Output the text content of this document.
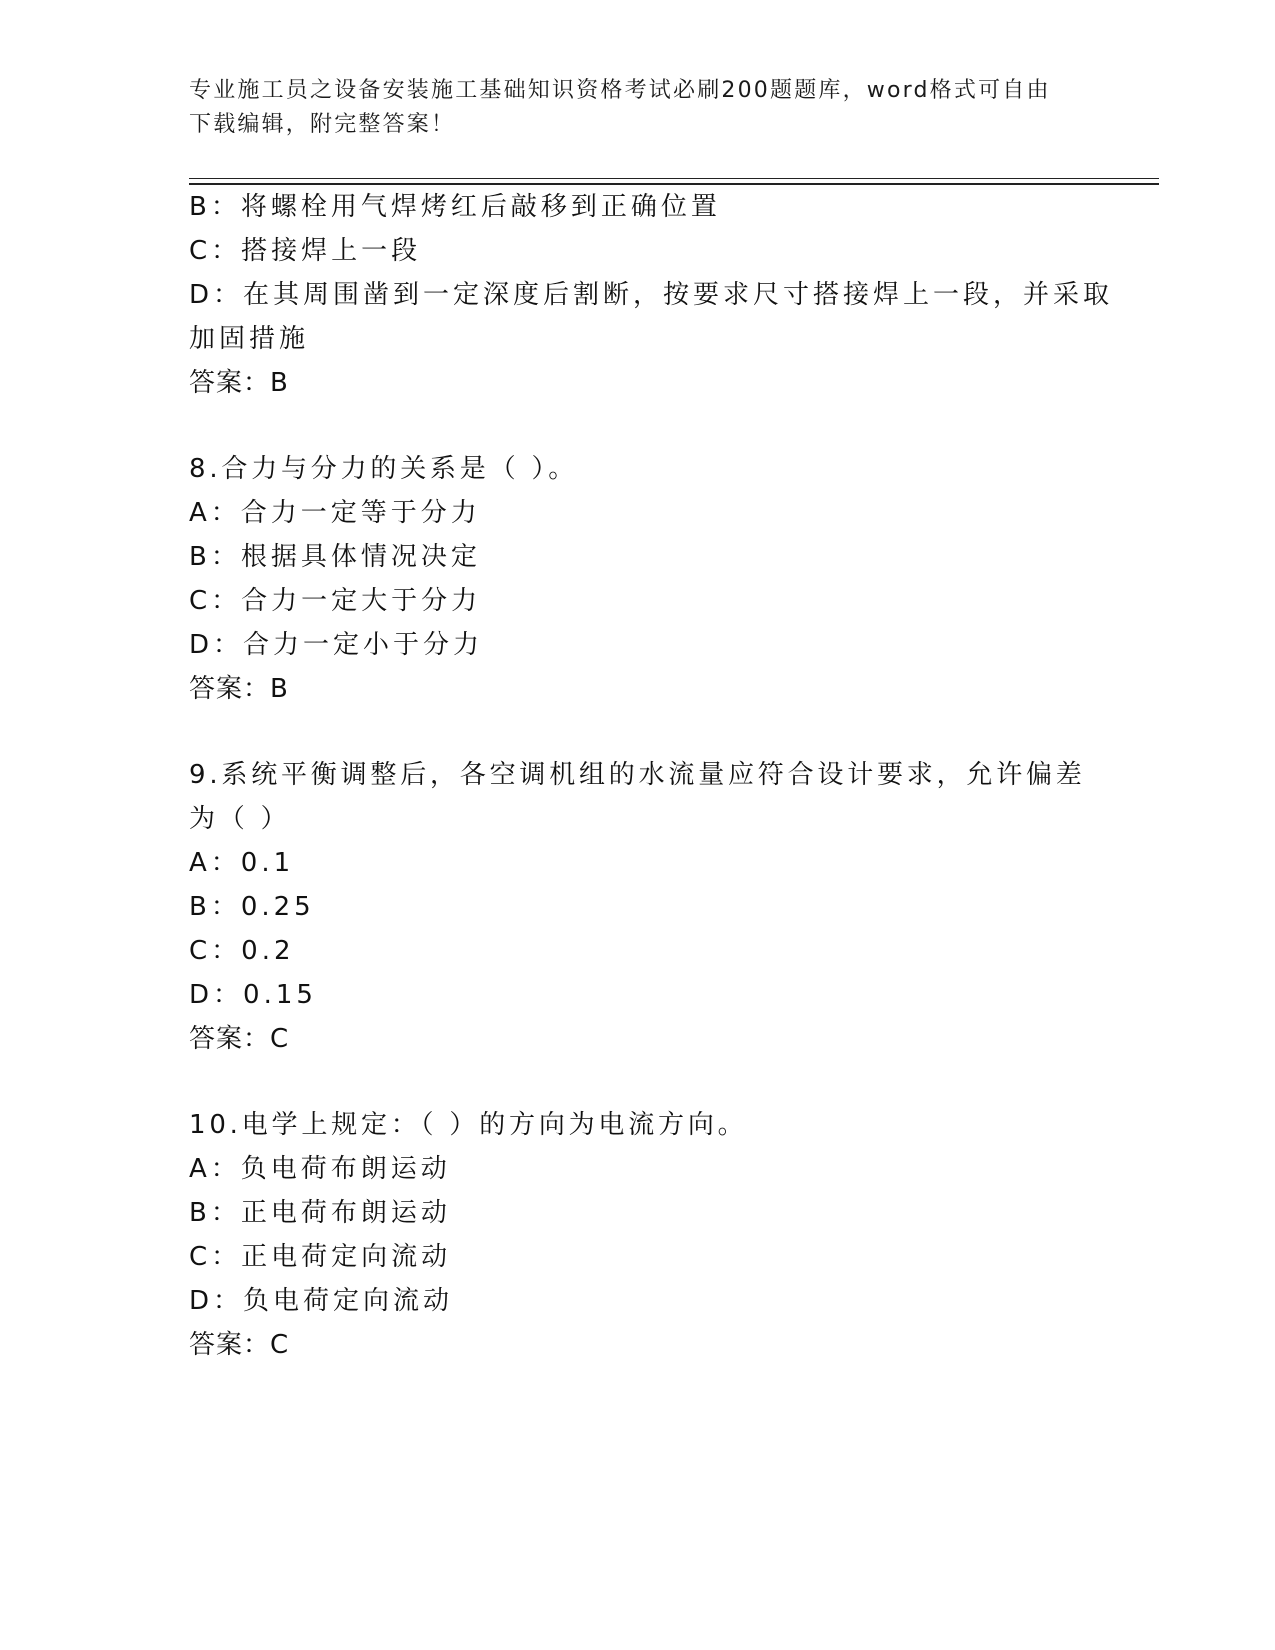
专业施工员之设备安装施工基础知识资格考试必刷200题题库，word格式可自由
下载编辑，附完整答案！
B：将螺栓用气焊烤红后敲移到正确位置
C：搭接焊上一段
D：在其周围凿到一定深度后割断，按要求尺寸搭接焊上一段，并采取
加固措施
答案：B
8.合力与分力的关系是（ ）。
A：合力一定等于分力
B：根据具体情况决定
C：合力一定大于分力
D：合力一定小于分力
答案：B
9.系统平衡调整后，各空调机组的水流量应符合设计要求，允许偏差
为（ ）
A：0.1
B：0.25
C：0.2
D：0.15
答案：C
10.电学上规定：（ ）的方向为电流方向。
A：负电荷布朗运动
B：正电荷布朗运动
C：正电荷定向流动
D：负电荷定向流动
答案：C
